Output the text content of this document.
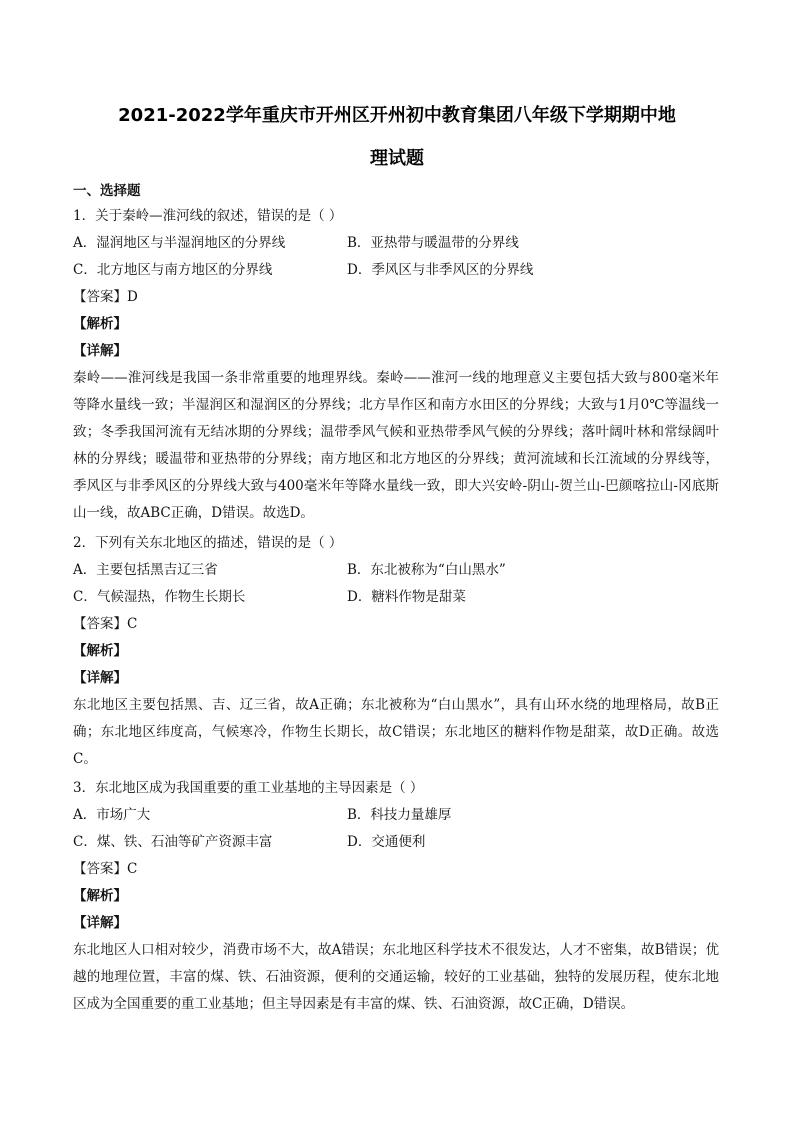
2021-2022学年重庆市开州区开州初中教育集团八年级下学期期中地
理试题
一、选择题
1．关于秦岭—淮河线的叙述，错误的是（ ）
A．湿润地区与半湿润地区的分界线	B．亚热带与暖温带的分界线
C．北方地区与南方地区的分界线	D．季风区与非季风区的分界线
【答案】D
【解析】
【详解】
秦岭——淮河线是我国一条非常重要的地理界线。秦岭——淮河一线的地理意义主要包括大致与800毫米年等降水量线一致；半湿润区和湿润区的分界线；北方旱作区和南方水田区的分界线；大致与1月0℃等温线一致；冬季我国河流有无结冰期的分界线；温带季风气候和亚热带季风气候的分界线；落叶阔叶林和常绿阔叶林的分界线；暖温带和亚热带的分界线；南方地区和北方地区的分界线；黄河流域和长江流域的分界线等，季风区与非季风区的分界线大致与400毫米年等降水量线一致，即大兴安岭-阴山-贺兰山-巴颜喀拉山-冈底斯山一线，故ABC正确，D错误。故选D。
2．下列有关东北地区的描述，错误的是（ ）
A．主要包括黑吉辽三省	B．东北被称为“白山黑水”
C．气候湿热，作物生长期长	D．糖料作物是甜菜
【答案】C
【解析】
【详解】
东北地区主要包括黑、吉、辽三省，故A正确；东北被称为“白山黑水”，具有山环水绕的地理格局，故B正确；东北地区纬度高，气候寒冷，作物生长期长，故C错误；东北地区的糖料作物是甜菜，故D正确。故选C。
3．东北地区成为我国重要的重工业基地的主导因素是（ ）
A．市场广大	B．科技力量雄厚
C．煤、铁、石油等矿产资源丰富	D．交通便利
【答案】C
【解析】
【详解】
东北地区人口相对较少，消费市场不大，故A错误；东北地区科学技术不很发达，人才不密集，故B错误；优越的地理位置，丰富的煤、铁、石油资源，便利的交通运输，较好的工业基础，独特的发展历程，使东北地区成为全国重要的重工业基地；但主导因素是有丰富的煤、铁、石油资源，故C正确，D错误。
